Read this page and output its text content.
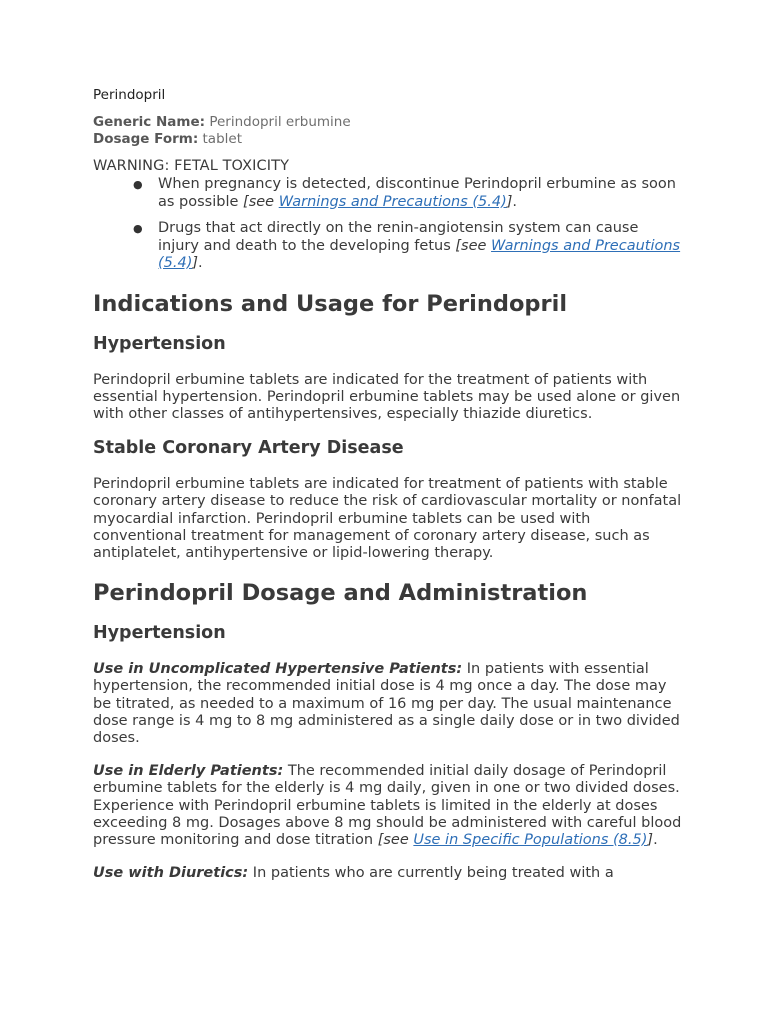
Perindopril
Generic Name: Perindopril erbumine
Dosage Form: tablet
WARNING: FETAL TOXICITY
● When pregnancy is detected, discontinue Perindopril erbumine as soon as possible [see Warnings and Precautions (5.4)].
● Drugs that act directly on the renin-angiotensin system can cause injury and death to the developing fetus [see Warnings and Precautions (5.4)].
Indications and Usage for Perindopril
Hypertension

Perindopril erbumine tablets are indicated for the treatment of patients with essential hypertension. Perindopril erbumine tablets may be used alone or given with other classes of antihypertensives, especially thiazide diuretics.

Stable Coronary Artery Disease

Perindopril erbumine tablets are indicated for treatment of patients with stable coronary artery disease to reduce the risk of cardiovascular mortality or nonfatal myocardial infarction. Perindopril erbumine tablets can be used with conventional treatment for management of coronary artery disease, such as antiplatelet, antihypertensive or lipid-lowering therapy.

Perindopril Dosage and Administration
Hypertension

Use in Uncomplicated Hypertensive Patients: In patients with essential hypertension, the recommended initial dose is 4 mg once a day. The dose may be titrated, as needed to a maximum of 16 mg per day. The usual maintenance dose range is 4 mg to 8 mg administered as a single daily dose or in two divided doses.

Use in Elderly Patients: The recommended initial daily dosage of Perindopril erbumine tablets for the elderly is 4 mg daily, given in one or two divided doses. Experience with Perindopril erbumine tablets is limited in the elderly at doses exceeding 8 mg. Dosages above 8 mg should be administered with careful blood pressure monitoring and dose titration [see Use in Specific Populations (8.5)].

Use with Diuretics: In patients who are currently being treated with a
